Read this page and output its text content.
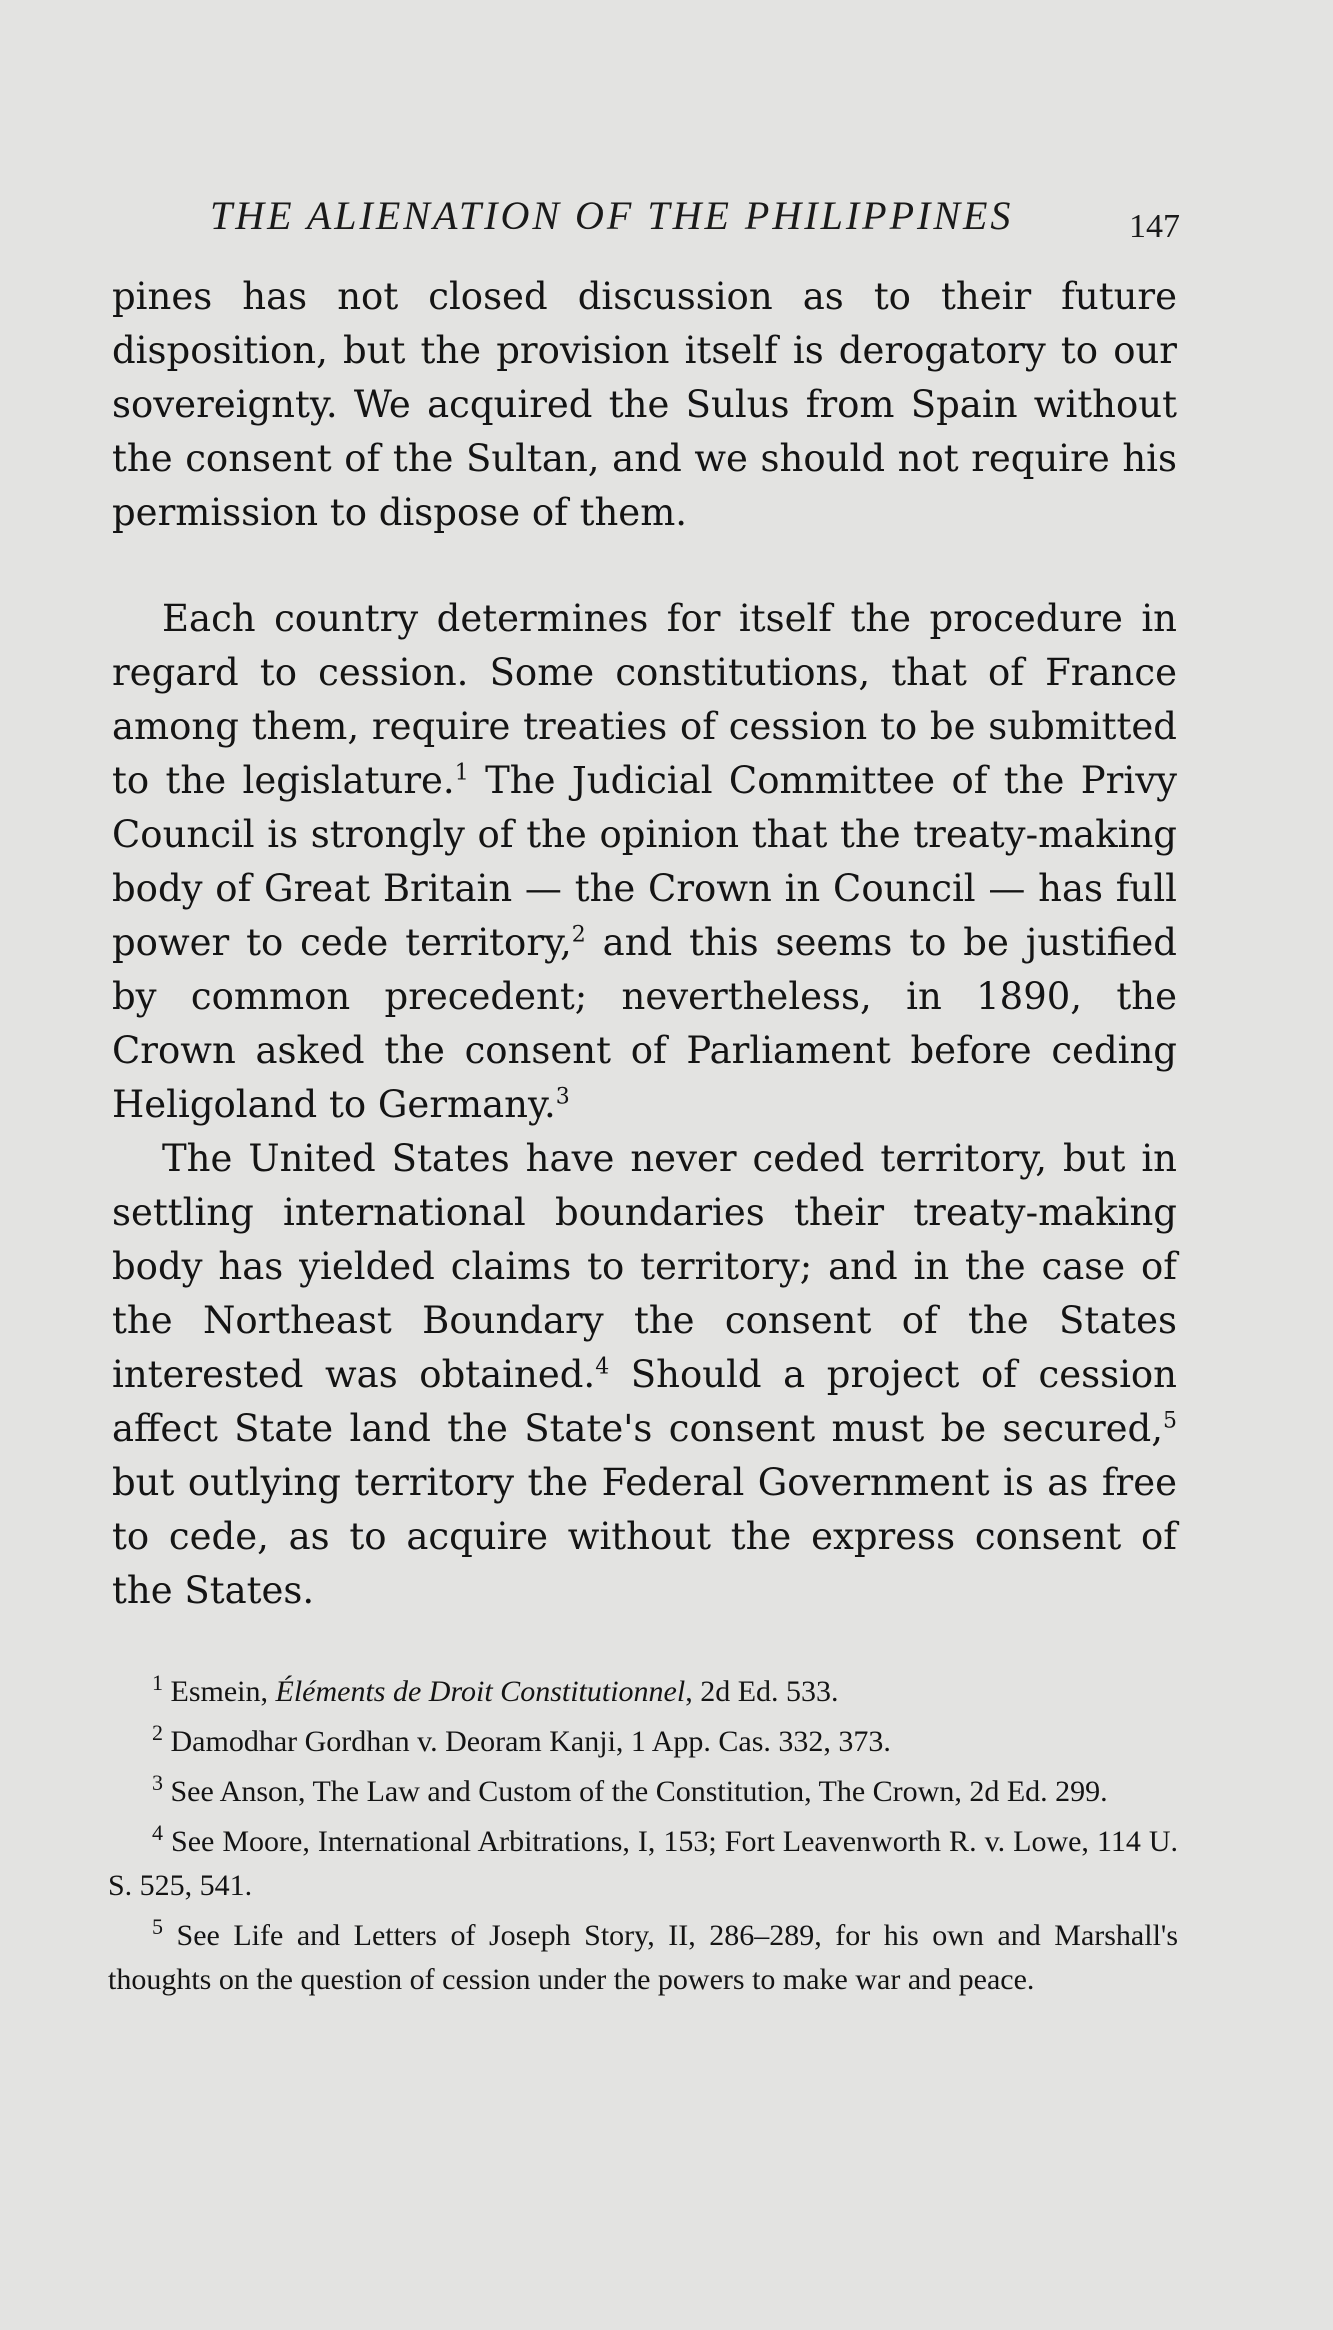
THE ALIENATION OF THE PHILIPPINES	147

pines has not closed discussion as to their future disposition, but the provision itself is derogatory to our sovereignty. We acquired the Sulus from Spain without the consent of the Sultan, and we should not require his permission to dispose of them.

Each country determines for itself the procedure in regard to cession. Some constitutions, that of France among them, require treaties of cession to be submitted to the legislature.$^1$ The Judicial Committee of the Privy Council is strongly of the opinion that the treaty-making body of Great Britain — the Crown in Council — has full power to cede territory,$^2$ and this seems to be justified by common precedent; nevertheless, in 1890, the Crown asked the consent of Parliament before ceding Heligoland to Germany.$^3$

The United States have never ceded territory, but in settling international boundaries their treaty-making body has yielded claims to territory; and in the case of the Northeast Boundary the consent of the States interested was obtained.$^4$ Should a project of cession affect State land the State's consent must be secured,$^5$ but outlying territory the Federal Government is as free to cede, as to acquire without the express consent of the States.

$^1$ Esmein, Éléments de Droit Constitutionnel, 2d Ed. 533.

$^2$ Damodhar Gordhan v. Deoram Kanji, 1 App. Cas. 332, 373.

$^3$ See Anson, The Law and Custom of the Constitution, The Crown, 2d Ed. 299.

$^4$ See Moore, International Arbitrations, I, 153; Fort Leavenworth R. v. Lowe, 114 U. S. 525, 541.

$^5$ See Life and Letters of Joseph Story, II, 286–289, for his own and Marshall's thoughts on the question of cession under the powers to make war and peace.
